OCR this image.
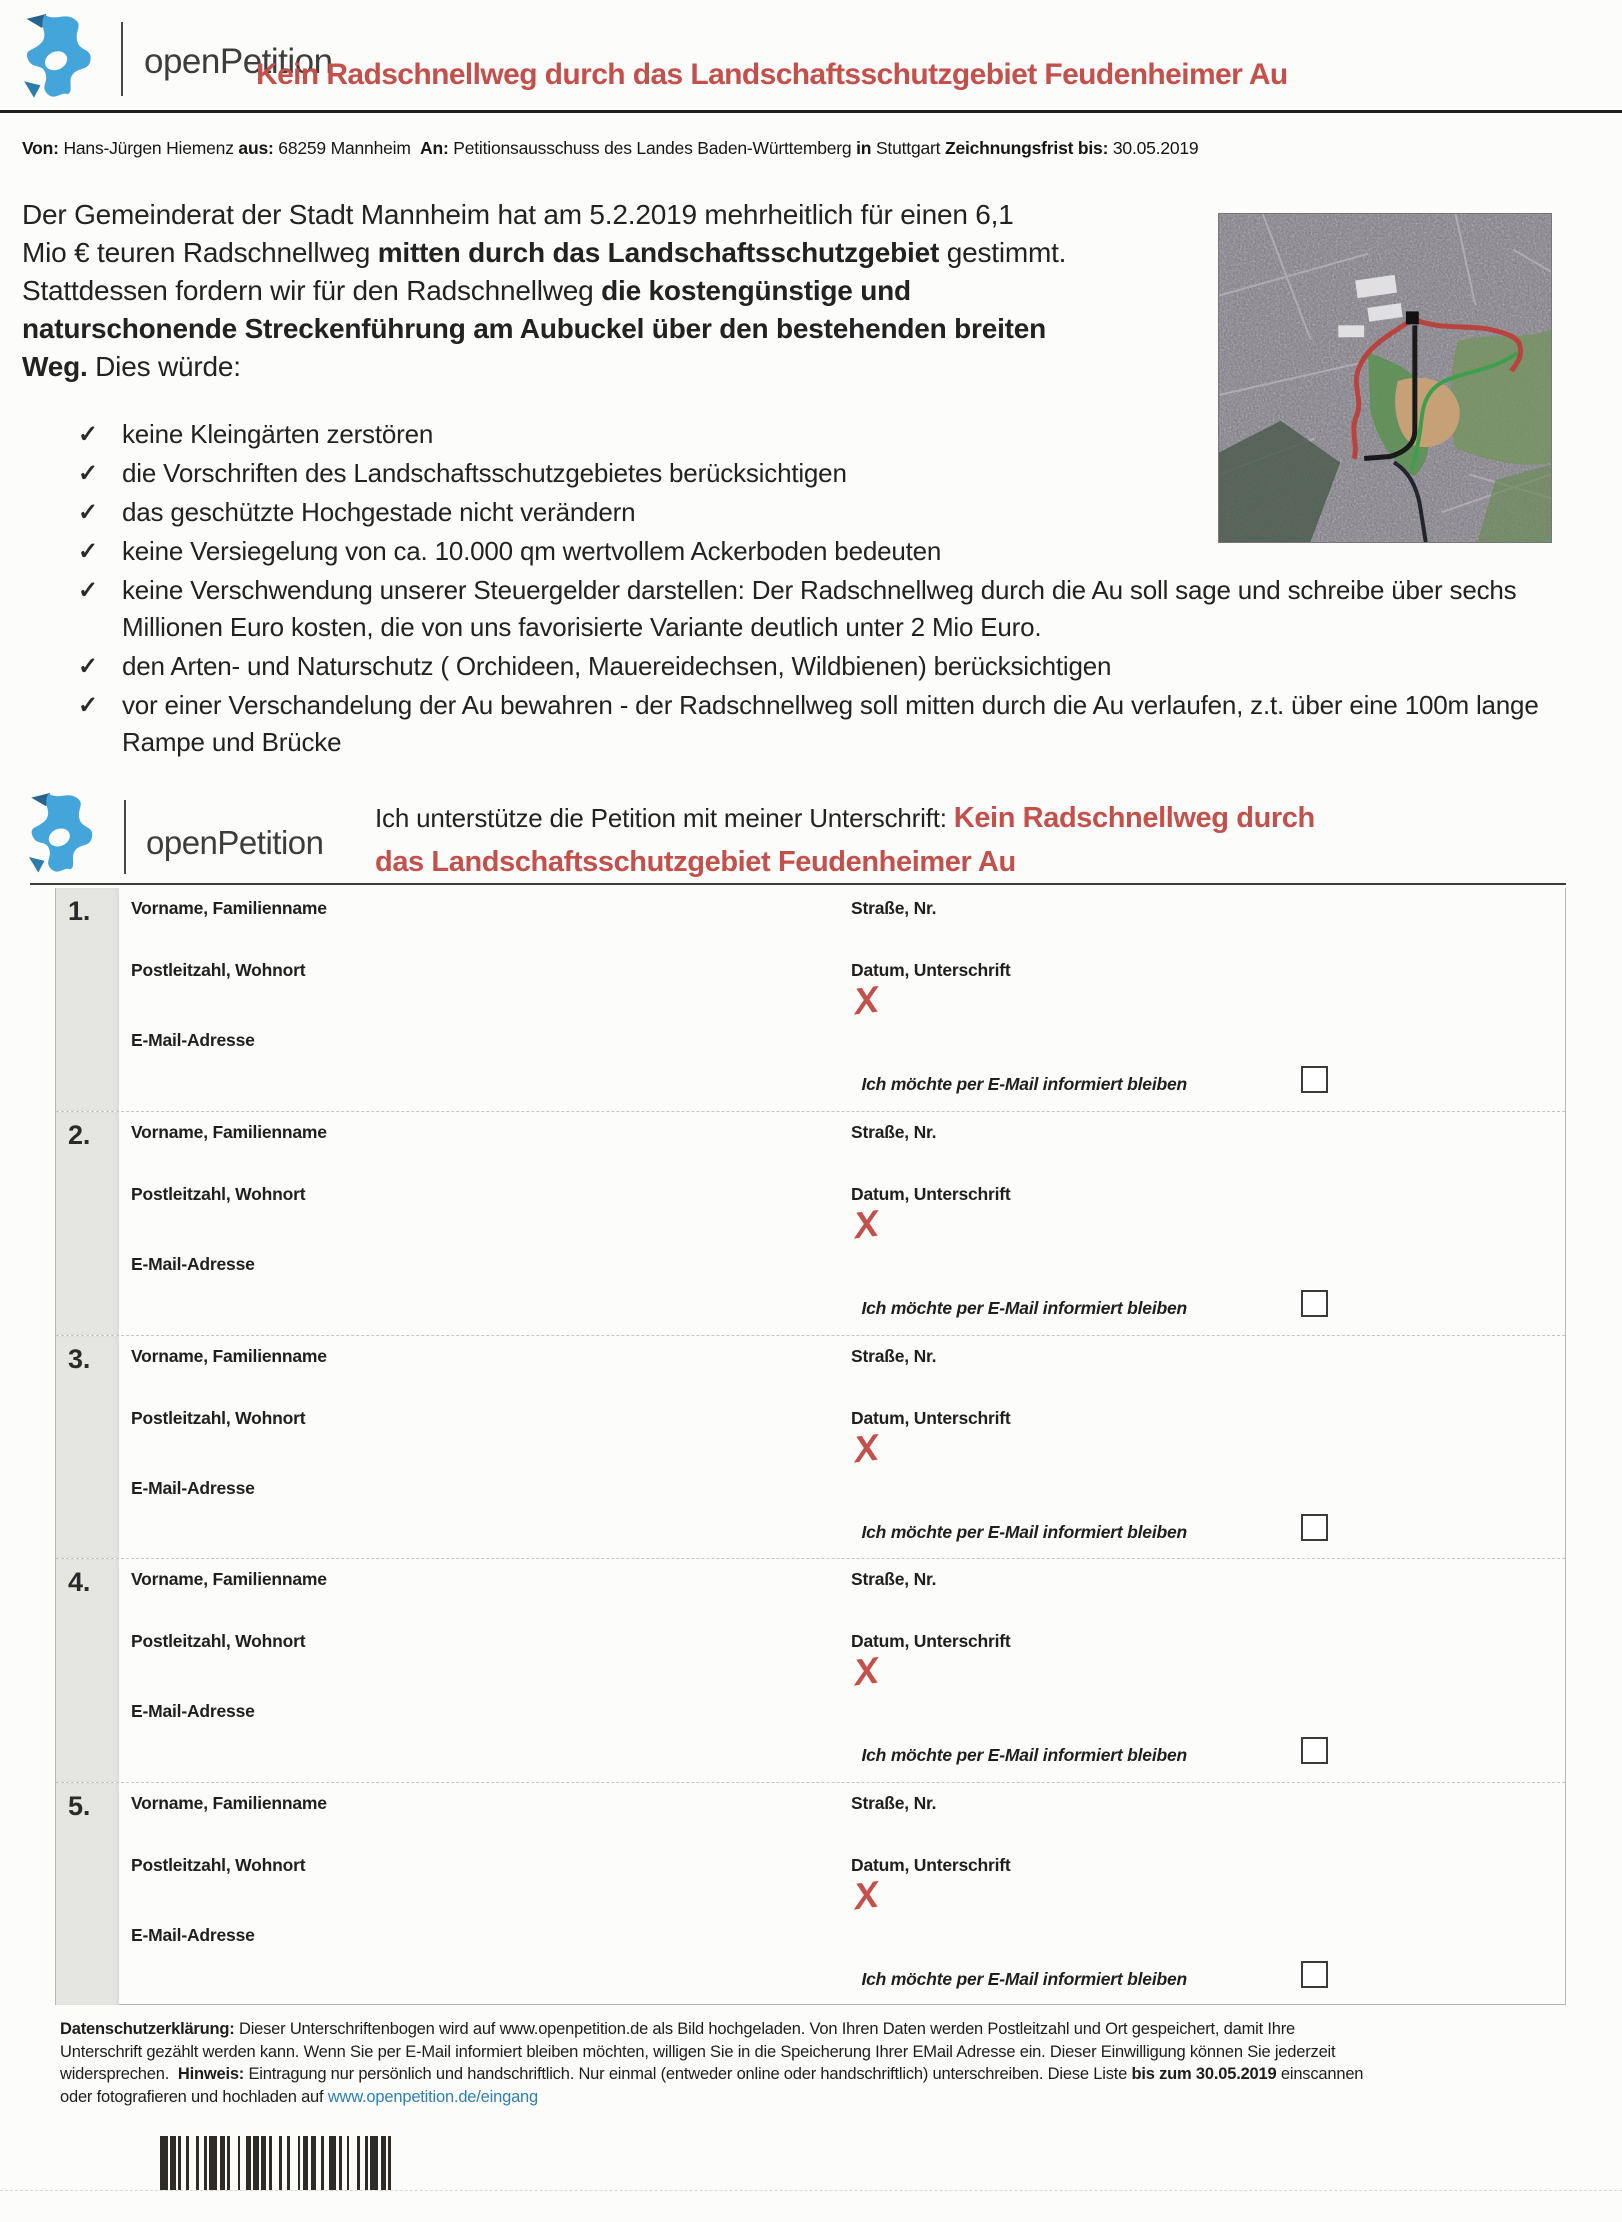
openPetition
Kein Radschnellweg durch das Landschaftsschutzgebiet Feudenheimer Au
Von: Hans-Jürgen Hiemenz aus: 68259 Mannheim  An: Petitionsausschuss des Landes Baden-Württemberg in Stuttgart Zeichnungsfrist bis: 30.05.2019
Der Gemeinderat der Stadt Mannheim hat am 5.2.2019 mehrheitlich für einen 6,1
Mio € teuren Radschnellweg mitten durch das Landschaftsschutzgebiet gestimmt.
Stattdessen fordern wir für den Radschnellweg die kostengünstige und
naturschonende Streckenführung am Aubuckel über den bestehenden breiten
Weg. Dies würde:
✓ keine Kleingärten zerstören
✓ die Vorschriften des Landschaftsschutzgebietes berücksichtigen
✓ das geschützte Hochgestade nicht verändern
✓ keine Versiegelung von ca. 10.000 qm wertvollem Ackerboden bedeuten
✓ keine Verschwendung unserer Steuergelder darstellen: Der Radschnellweg durch die Au soll sage und schreibe über sechs Millionen Euro kosten, die von uns favorisierte Variante deutlich unter 2 Mio Euro.
✓ den Arten- und Naturschutz ( Orchideen, Mauereidechsen, Wildbienen) berücksichtigen
✓ vor einer Verschandelung der Au bewahren - der Radschnellweg soll mitten durch die Au verlaufen, z.t. über eine 100m lange Rampe und Brücke
openPetition
Ich unterstütze die Petition mit meiner Unterschrift: Kein Radschnellweg durch
das Landschaftsschutzgebiet Feudenheimer Au
1. Vorname, Familienname	Straße, Nr.
Postleitzahl, Wohnort	Datum, Unterschrift
X
E-Mail-Adresse
Ich möchte per E-Mail informiert bleiben
2. Vorname, Familienname	Straße, Nr.
Postleitzahl, Wohnort	Datum, Unterschrift
X
E-Mail-Adresse
Ich möchte per E-Mail informiert bleiben
3. Vorname, Familienname	Straße, Nr.
Postleitzahl, Wohnort	Datum, Unterschrift
X
E-Mail-Adresse
Ich möchte per E-Mail informiert bleiben
4. Vorname, Familienname	Straße, Nr.
Postleitzahl, Wohnort	Datum, Unterschrift
X
E-Mail-Adresse
Ich möchte per E-Mail informiert bleiben
5. Vorname, Familienname	Straße, Nr.
Postleitzahl, Wohnort	Datum, Unterschrift
X
E-Mail-Adresse
Ich möchte per E-Mail informiert bleiben
Datenschutzerklärung: Dieser Unterschriftenbogen wird auf www.openpetition.de als Bild hochgeladen. Von Ihren Daten werden Postleitzahl und Ort gespeichert, damit Ihre
Unterschrift gezählt werden kann. Wenn Sie per E-Mail informiert bleiben möchten, willigen Sie in die Speicherung Ihrer EMail Adresse ein. Dieser Einwilligung können Sie jederzeit
widersprechen.  Hinweis: Eintragung nur persönlich und handschriftlich. Nur einmal (entweder online oder handschriftlich) unterschreiben. Diese Liste bis zum 30.05.2019 einscannen
oder fotografieren und hochladen auf www.openpetition.de/eingang
